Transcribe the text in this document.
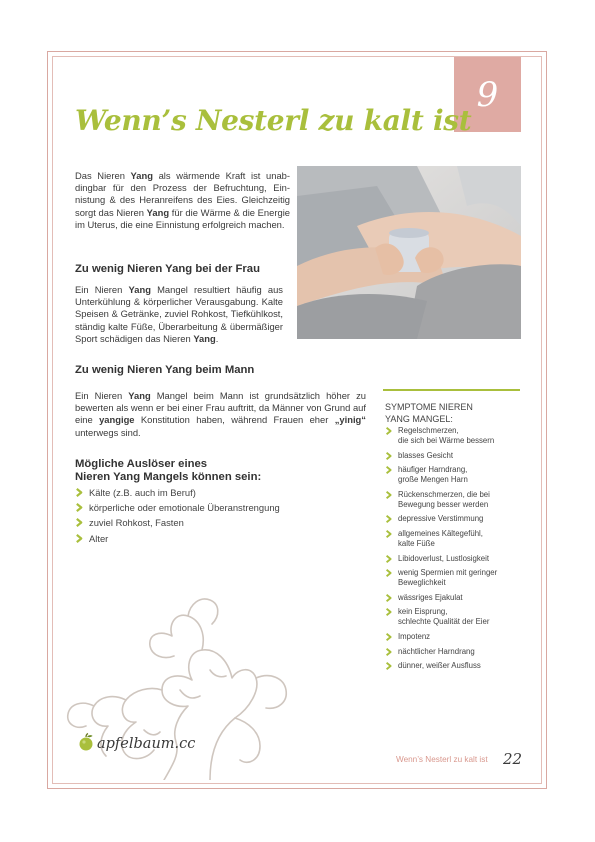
9
Wenn’s Nesterl zu kalt ist

Das Nieren Yang als wärmende Kraft ist unabdingbar für den Prozess der Befruchtung, Einnistung & des Heranreifens des Eies. Gleichzeitig sorgt das Nieren Yang für die Wärme & die Energie im Uterus, die eine Einnistung erfolgreich machen.

Zu wenig Nieren Yang bei der Frau

Ein Nieren Yang Mangel resultiert häufig aus Unterkühlung & körperlicher Verausgabung. Kalte Speisen & Getränke, zuviel Rohkost, Tiefkühlkost, ständig kalte Füße, Überarbeitung & übermäßiger Sport schädigen das Nieren Yang.

Zu wenig Nieren Yang beim Mann

Ein Nieren Yang Mangel beim Mann ist grundsätzlich höher zu bewerten als wenn er bei einer Frau auftritt, da Männer von Grund auf eine yangige Konstitution haben, während Frauen eher „yinig“ unterwegs sind.

SYMPTOME NIEREN
YANG MANGEL:
Regelschmerzen,
die sich bei Wärme bessern
blasses Gesicht
häufiger Harndrang,
große Mengen Harn
Rückenschmerzen, die bei
Bewegung besser werden
depressive Verstimmung
allgemeines Kältegefühl,
kalte Füße
Libidoverlust, Lustlosigkeit
wenig Spermien mit geringer
Beweglichkeit
wässriges Ejakulat
kein Eisprung,
schlechte Qualität der Eier
Impotenz
nächtlicher Harndrang
dünner, weißer Ausfluss
Mögliche Auslöser eines
Nieren Yang Mangels können sein:
Kälte (z.B. auch im Beruf)
körperliche oder emotionale Überanstrengung
zuviel Rohkost, Fasten
Alter
apfelbaum.cc
Wenn’s Nesterl zu kalt ist 22
